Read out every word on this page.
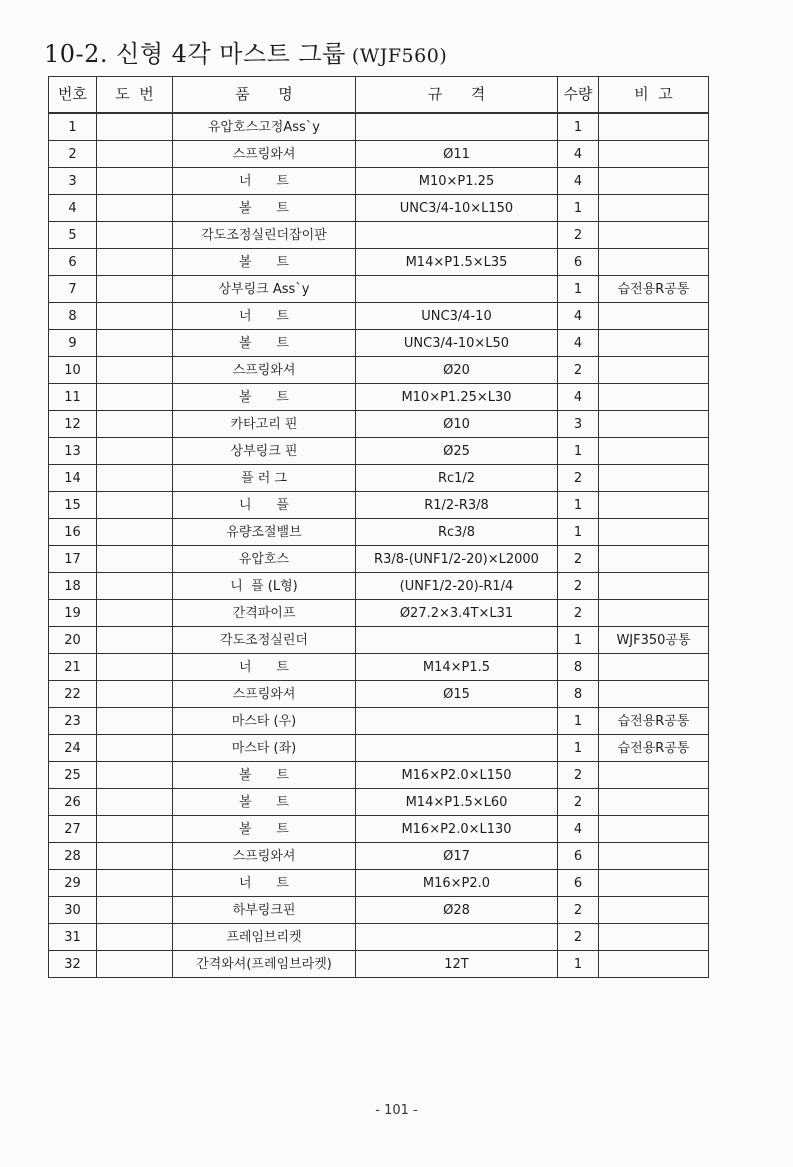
10-2. 신형 4각 마스트 그룹 (WJF560)
번호	도  번	품      명	규      격	수량	비  고
1		유압호스고정Ass`y		1	
2		스프링와셔	Ø11	4	
3		너      트	M10×P1.25	4	
4		볼      트	UNC3/4-10×L150	1	
5		각도조정실린더잡이판		2	
6		볼      트	M14×P1.5×L35	6	
7		상부링크 Ass`y		1	습전용R공통
8		너      트	UNC3/4-10	4	
9		볼      트	UNC3/4-10×L50	4	
10		스프링와셔	Ø20	2	
11		볼      트	M10×P1.25×L30	4	
12		카타고리 핀	Ø10	3	
13		상부링크 핀	Ø25	1	
14		플 러 그	Rc1/2	2	
15		니      플	R1/2-R3/8	1	
16		유량조절밸브	Rc3/8	1	
17		유압호스	R3/8-(UNF1/2-20)×L2000	2	
18		니  플 (L형)	(UNF1/2-20)-R1/4	2	
19		간격파이프	Ø27.2×3.4T×L31	2	
20		각도조정실린더		1	WJF350공통
21		너      트	M14×P1.5	8	
22		스프링와셔	Ø15	8	
23		마스타 (우)		1	습전용R공통
24		마스타 (좌)		1	습전용R공통
25		볼      트	M16×P2.0×L150	2	
26		볼      트	M14×P1.5×L60	2	
27		볼      트	M16×P2.0×L130	4	
28		스프링와셔	Ø17	6	
29		너      트	M16×P2.0	6	
30		하부링크핀	Ø28	2	
31		프레임브리켓		2	
32		간격와셔(프레임브라켓)	12T	1	
- 101 -
